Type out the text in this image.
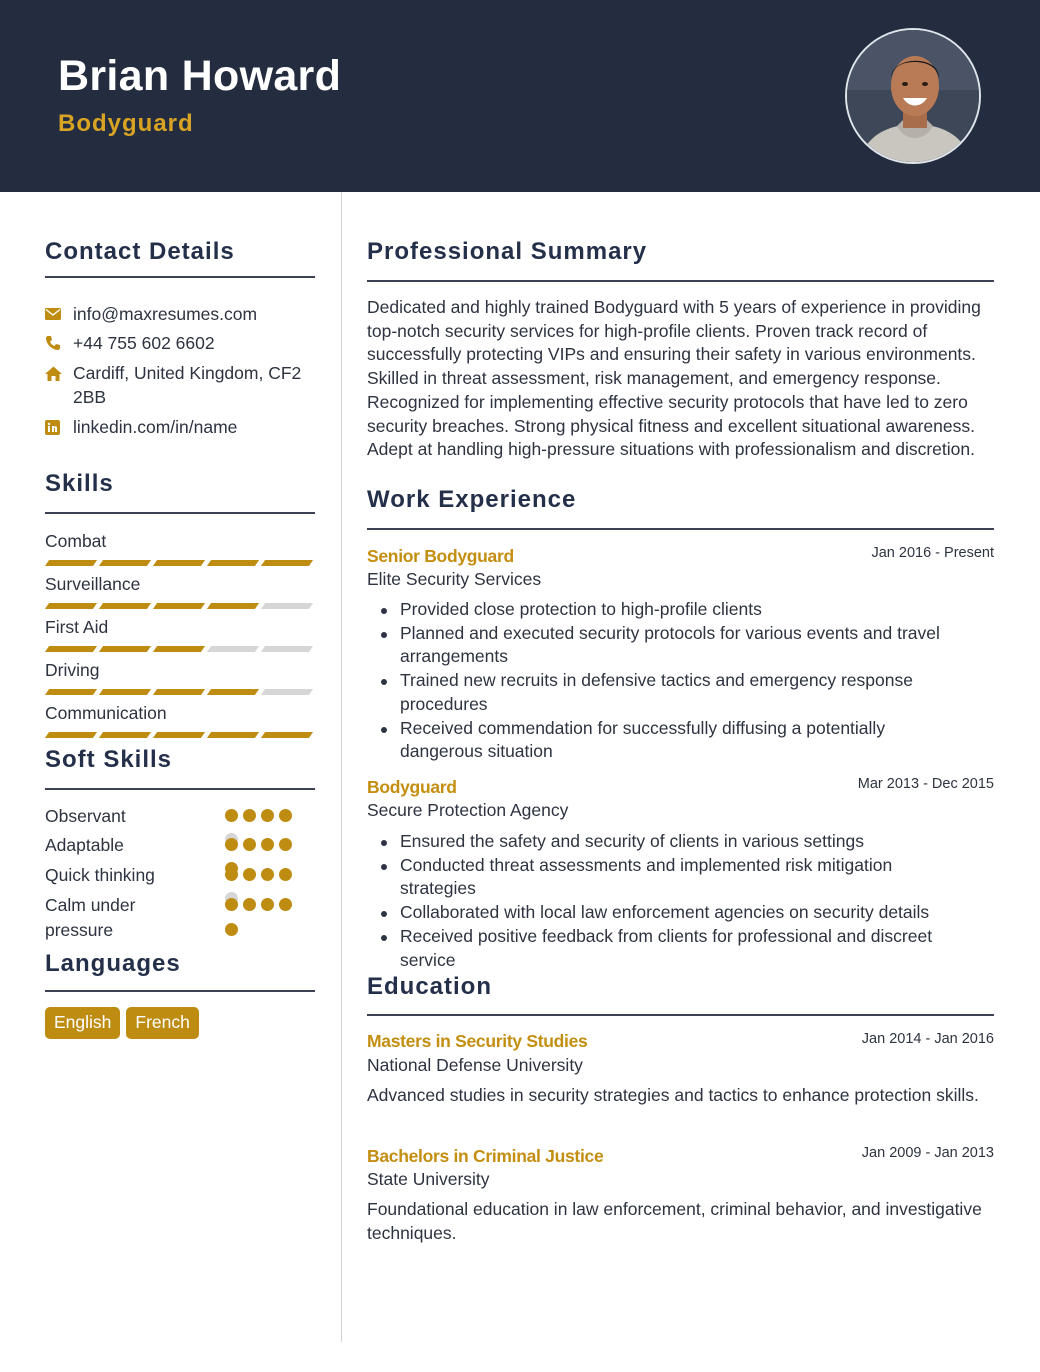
Brian Howard
Bodyguard
Contact Details
info@maxresumes.com
+44 755 602 6602
Cardiff, United Kingdom, CF2 2BB
linkedin.com/in/name
Skills
Combat
Surveillance
First Aid
Driving
Communication
Soft Skills
Observant
Adaptable
Quick thinking
Calm under pressure
Languages
English	French
Professional Summary
Dedicated and highly trained Bodyguard with 5 years of experience in providing top-notch security services for high-profile clients. Proven track record of successfully protecting VIPs and ensuring their safety in various environments. Skilled in threat assessment, risk management, and emergency response. Recognized for implementing effective security protocols that have led to zero security breaches. Strong physical fitness and excellent situational awareness. Adept at handling high-pressure situations with professionalism and discretion.
Work Experience
Senior Bodyguard	Jan 2016 - Present
Elite Security Services
Provided close protection to high-profile clients
Planned and executed security protocols for various events and travel arrangements
Trained new recruits in defensive tactics and emergency response procedures
Received commendation for successfully diffusing a potentially dangerous situation
Bodyguard	Mar 2013 - Dec 2015
Secure Protection Agency
Ensured the safety and security of clients in various settings
Conducted threat assessments and implemented risk mitigation strategies
Collaborated with local law enforcement agencies on security details
Received positive feedback from clients for professional and discreet service
Education
Masters in Security Studies	Jan 2014 - Jan 2016
National Defense University
Advanced studies in security strategies and tactics to enhance protection skills.
Bachelors in Criminal Justice	Jan 2009 - Jan 2013
State University
Foundational education in law enforcement, criminal behavior, and investigative techniques.
